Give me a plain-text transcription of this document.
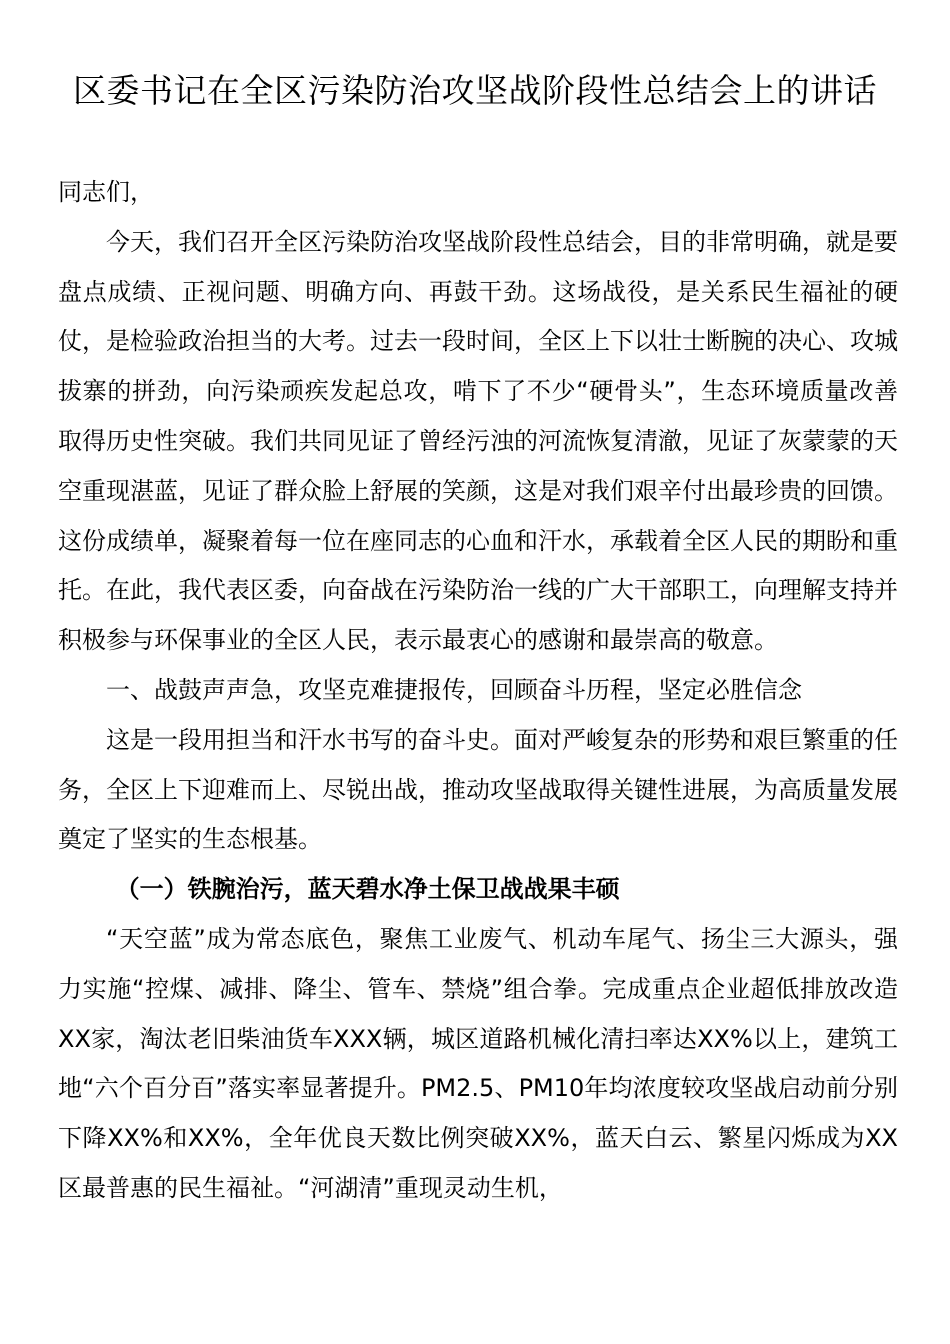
区委书记在全区污染防治攻坚战阶段性总结会上的讲话

同志们，

今天，我们召开全区污染防治攻坚战阶段性总结会，目的非常明确，就是要盘点成绩、正视问题、明确方向、再鼓干劲。这场战役，是关系民生福祉的硬仗，是检验政治担当的大考。过去一段时间，全区上下以壮士断腕的决心、攻城拔寨的拼劲，向污染顽疾发起总攻，啃下了不少“硬骨头”，生态环境质量改善取得历史性突破。我们共同见证了曾经污浊的河流恢复清澈，见证了灰蒙蒙的天空重现湛蓝，见证了群众脸上舒展的笑颜，这是对我们艰辛付出最珍贵的回馈。这份成绩单，凝聚着每一位在座同志的心血和汗水，承载着全区人民的期盼和重托。在此，我代表区委，向奋战在污染防治一线的广大干部职工，向理解支持并积极参与环保事业的全区人民，表示最衷心的感谢和最崇高的敬意。

一、战鼓声声急，攻坚克难捷报传，回顾奋斗历程，坚定必胜信念

这是一段用担当和汗水书写的奋斗史。面对严峻复杂的形势和艰巨繁重的任务，全区上下迎难而上、尽锐出战，推动攻坚战取得关键性进展，为高质量发展奠定了坚实的生态根基。

（一）铁腕治污，蓝天碧水净土保卫战战果丰硕

“天空蓝”成为常态底色，聚焦工业废气、机动车尾气、扬尘三大源头，强力实施“控煤、减排、降尘、管车、禁烧”组合拳。完成重点企业超低排放改造XX家，淘汰老旧柴油货车XXX辆，城区道路机械化清扫率达XX%以上，建筑工地“六个百分百”落实率显著提升。PM2.5、PM10年均浓度较攻坚战启动前分别下降XX%和XX%，全年优良天数比例突破XX%，蓝天白云、繁星闪烁成为XX区最普惠的民生福祉。“河湖清”重现灵动生机，
